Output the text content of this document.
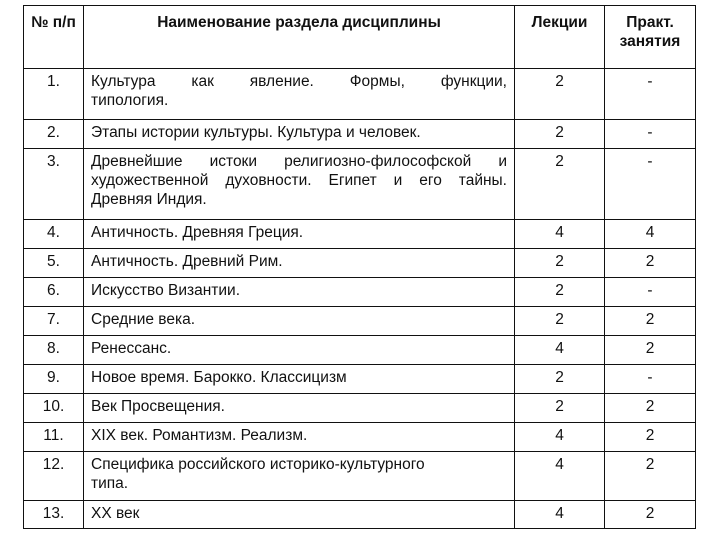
№ п/п	Наименование раздела дисциплины	Лекции	Практ. занятия
1.	Культура как явление. Формы, функции,
типология.	2	-
2.	Этапы истории культуры. Культура и человек.	2	-
3.	Древнейшие истоки религиозно-философской и
художественной духовности. Египет и его тайны.
Древняя Индия.	2	-
4.	Античность. Древняя Греция.	4	4
5.	Античность. Древний Рим.	2	2
6.	Искусство Византии.	2	-
7.	Средние века.	2	2
8.	Ренессанс.	4	2
9.	Новое время. Барокко. Классицизм	2	-
10.	Век Просвещения.	2	2
11.	XIX век. Романтизм. Реализм.	4	2
12.	Специфика российского историко-культурного
типа.	4	2
13.	XX век	4	2
